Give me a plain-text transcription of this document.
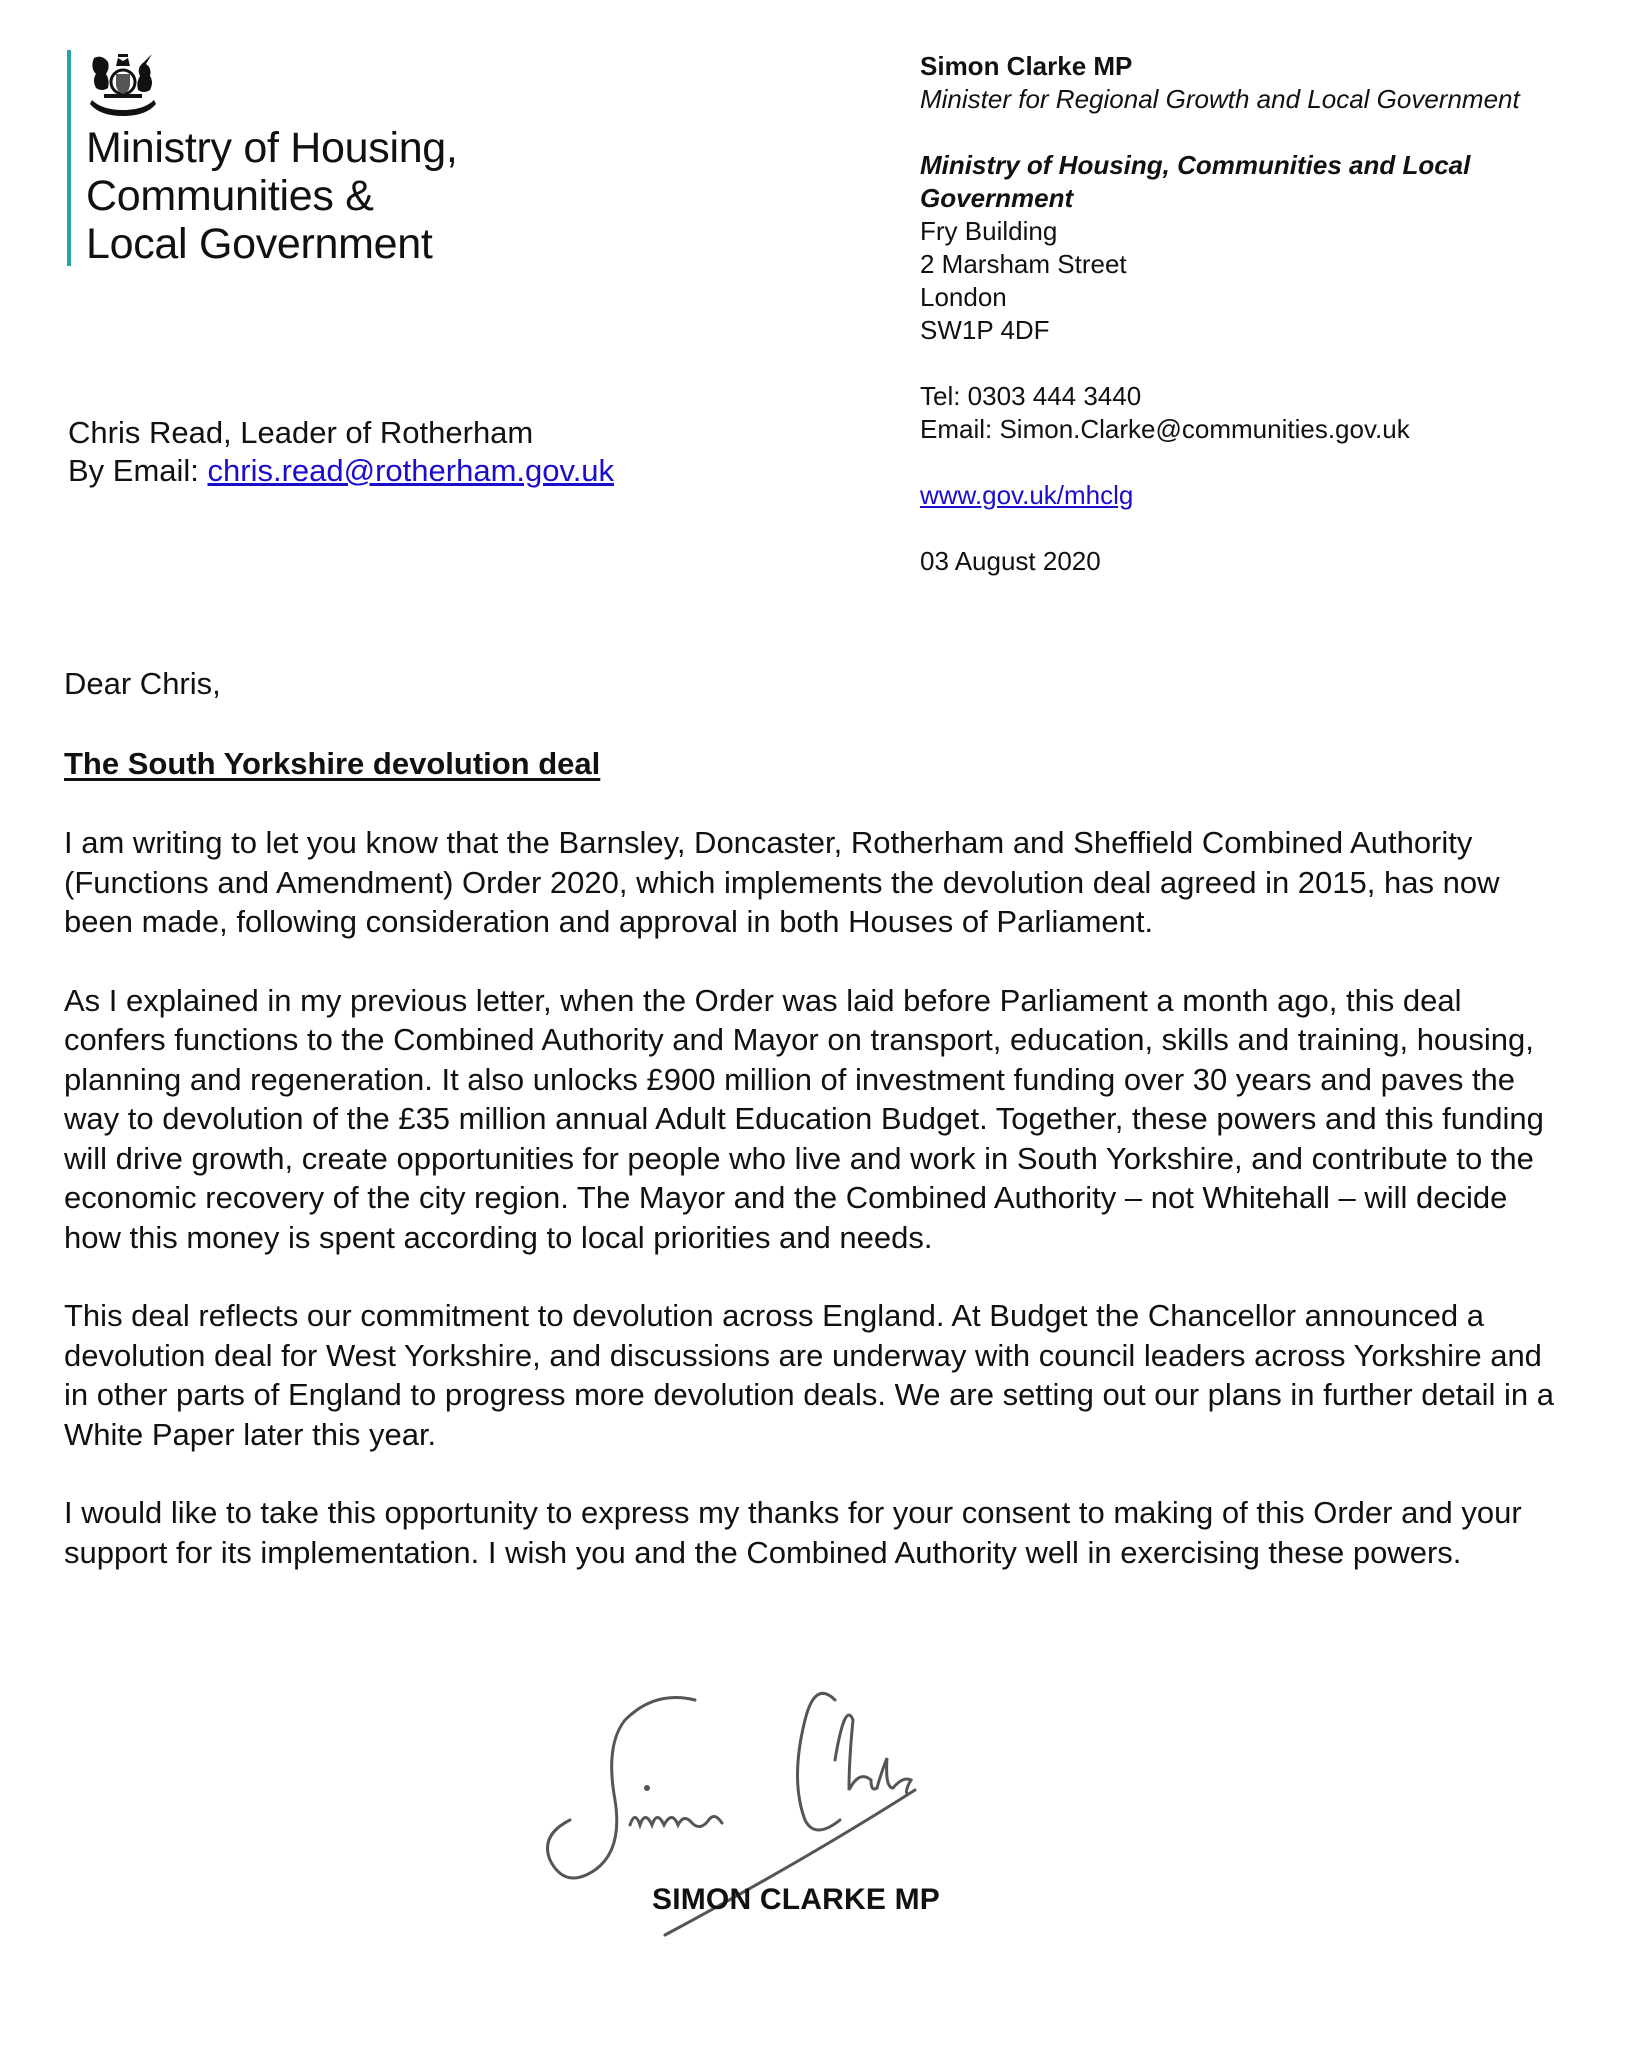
Ministry of Housing,
Communities &
Local Government
Simon Clarke MP
Minister for Regional Growth and Local Government
Ministry of Housing, Communities and Local Government
Fry Building
2 Marsham Street
London
SW1P 4DF
Tel: 0303 444 3440
Email: Simon.Clarke@communities.gov.uk
www.gov.uk/mhclg
03 August 2020
Chris Read, Leader of Rotherham
By Email: chris.read@rotherham.gov.uk
Dear Chris,
The South Yorkshire devolution deal

I am writing to let you know that the Barnsley, Doncaster, Rotherham and Sheffield Combined Authority (Functions and Amendment) Order 2020, which implements the devolution deal agreed in 2015, has now been made, following consideration and approval in both Houses of Parliament.

As I explained in my previous letter, when the Order was laid before Parliament a month ago, this deal confers functions to the Combined Authority and Mayor on transport, education, skills and training, housing, planning and regeneration. It also unlocks £900 million of investment funding over 30 years and paves the way to devolution of the £35 million annual Adult Education Budget. Together, these powers and this funding will drive growth, create opportunities for people who live and work in South Yorkshire, and contribute to the economic recovery of the city region. The Mayor and the Combined Authority – not Whitehall – will decide how this money is spent according to local priorities and needs.

This deal reflects our commitment to devolution across England. At Budget the Chancellor announced a devolution deal for West Yorkshire, and discussions are underway with council leaders across Yorkshire and in other parts of England to progress more devolution deals. We are setting out our plans in further detail in a White Paper later this year.

I would like to take this opportunity to express my thanks for your consent to making of this Order and your support for its implementation. I wish you and the Combined Authority well in exercising these powers.

SIMON CLARKE MP
